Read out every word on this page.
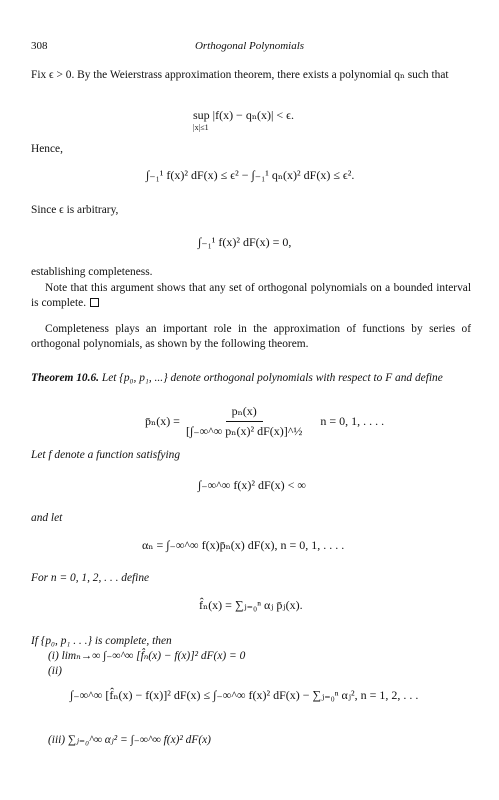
308	Orthogonal Polynomials
Fix ϵ > 0. By the Weierstrass approximation theorem, there exists a polynomial qₙ such that
sup |f(x) − qₙ(x)| < ϵ.
|x|≤1
Hence,
∫₋₁¹ f(x)² dF(x) ≤ ϵ² − ∫₋₁¹ qₙ(x)² dF(x) ≤ ϵ².
Since ϵ is arbitrary,
∫₋₁¹ f(x)² dF(x) = 0,
establishing completeness.
Note that this argument shows that any set of orthogonal polynomials on a bounded interval is complete.
Completeness plays an important role in the approximation of functions by series of orthogonal polynomials, as shown by the following theorem.
Theorem 10.6. Let {p₀, p₁, ...} denote orthogonal polynomials with respect to F and define
p̄ₙ(x) = $\frac{\text{pₙ(x)}}{\text{[∫₋∞\textasciicircum{}∞ pₙ(x)² dF(x)]\textasciicircum{}½}}$ n = 0, 1, . . . .
Let f denote a function satisfying
∫₋∞^∞ f(x)² dF(x) < ∞
and let
αₙ = ∫₋∞^∞ f(x)p̄ₙ(x) dF(x), n = 0, 1, . . . .
For n = 0, 1, 2, . . . define
f̂ₙ(x) = ∑ⱼ₌₀ⁿ αⱼ p̄ⱼ(x).
If {p₀, p₁ . . .} is complete, then
(i) limₙ→∞ ∫₋∞^∞ [f̂ₙ(x) − f(x)]² dF(x) = 0
(ii)
∫₋∞^∞ [f̂ₙ(x) − f(x)]² dF(x) ≤ ∫₋∞^∞ f(x)² dF(x) − ∑ⱼ₌₀ⁿ αⱼ², n = 1, 2, . . .
(iii) ∑ⱼ₌₀^∞ αⱼ² = ∫₋∞^∞ f(x)² dF(x)
